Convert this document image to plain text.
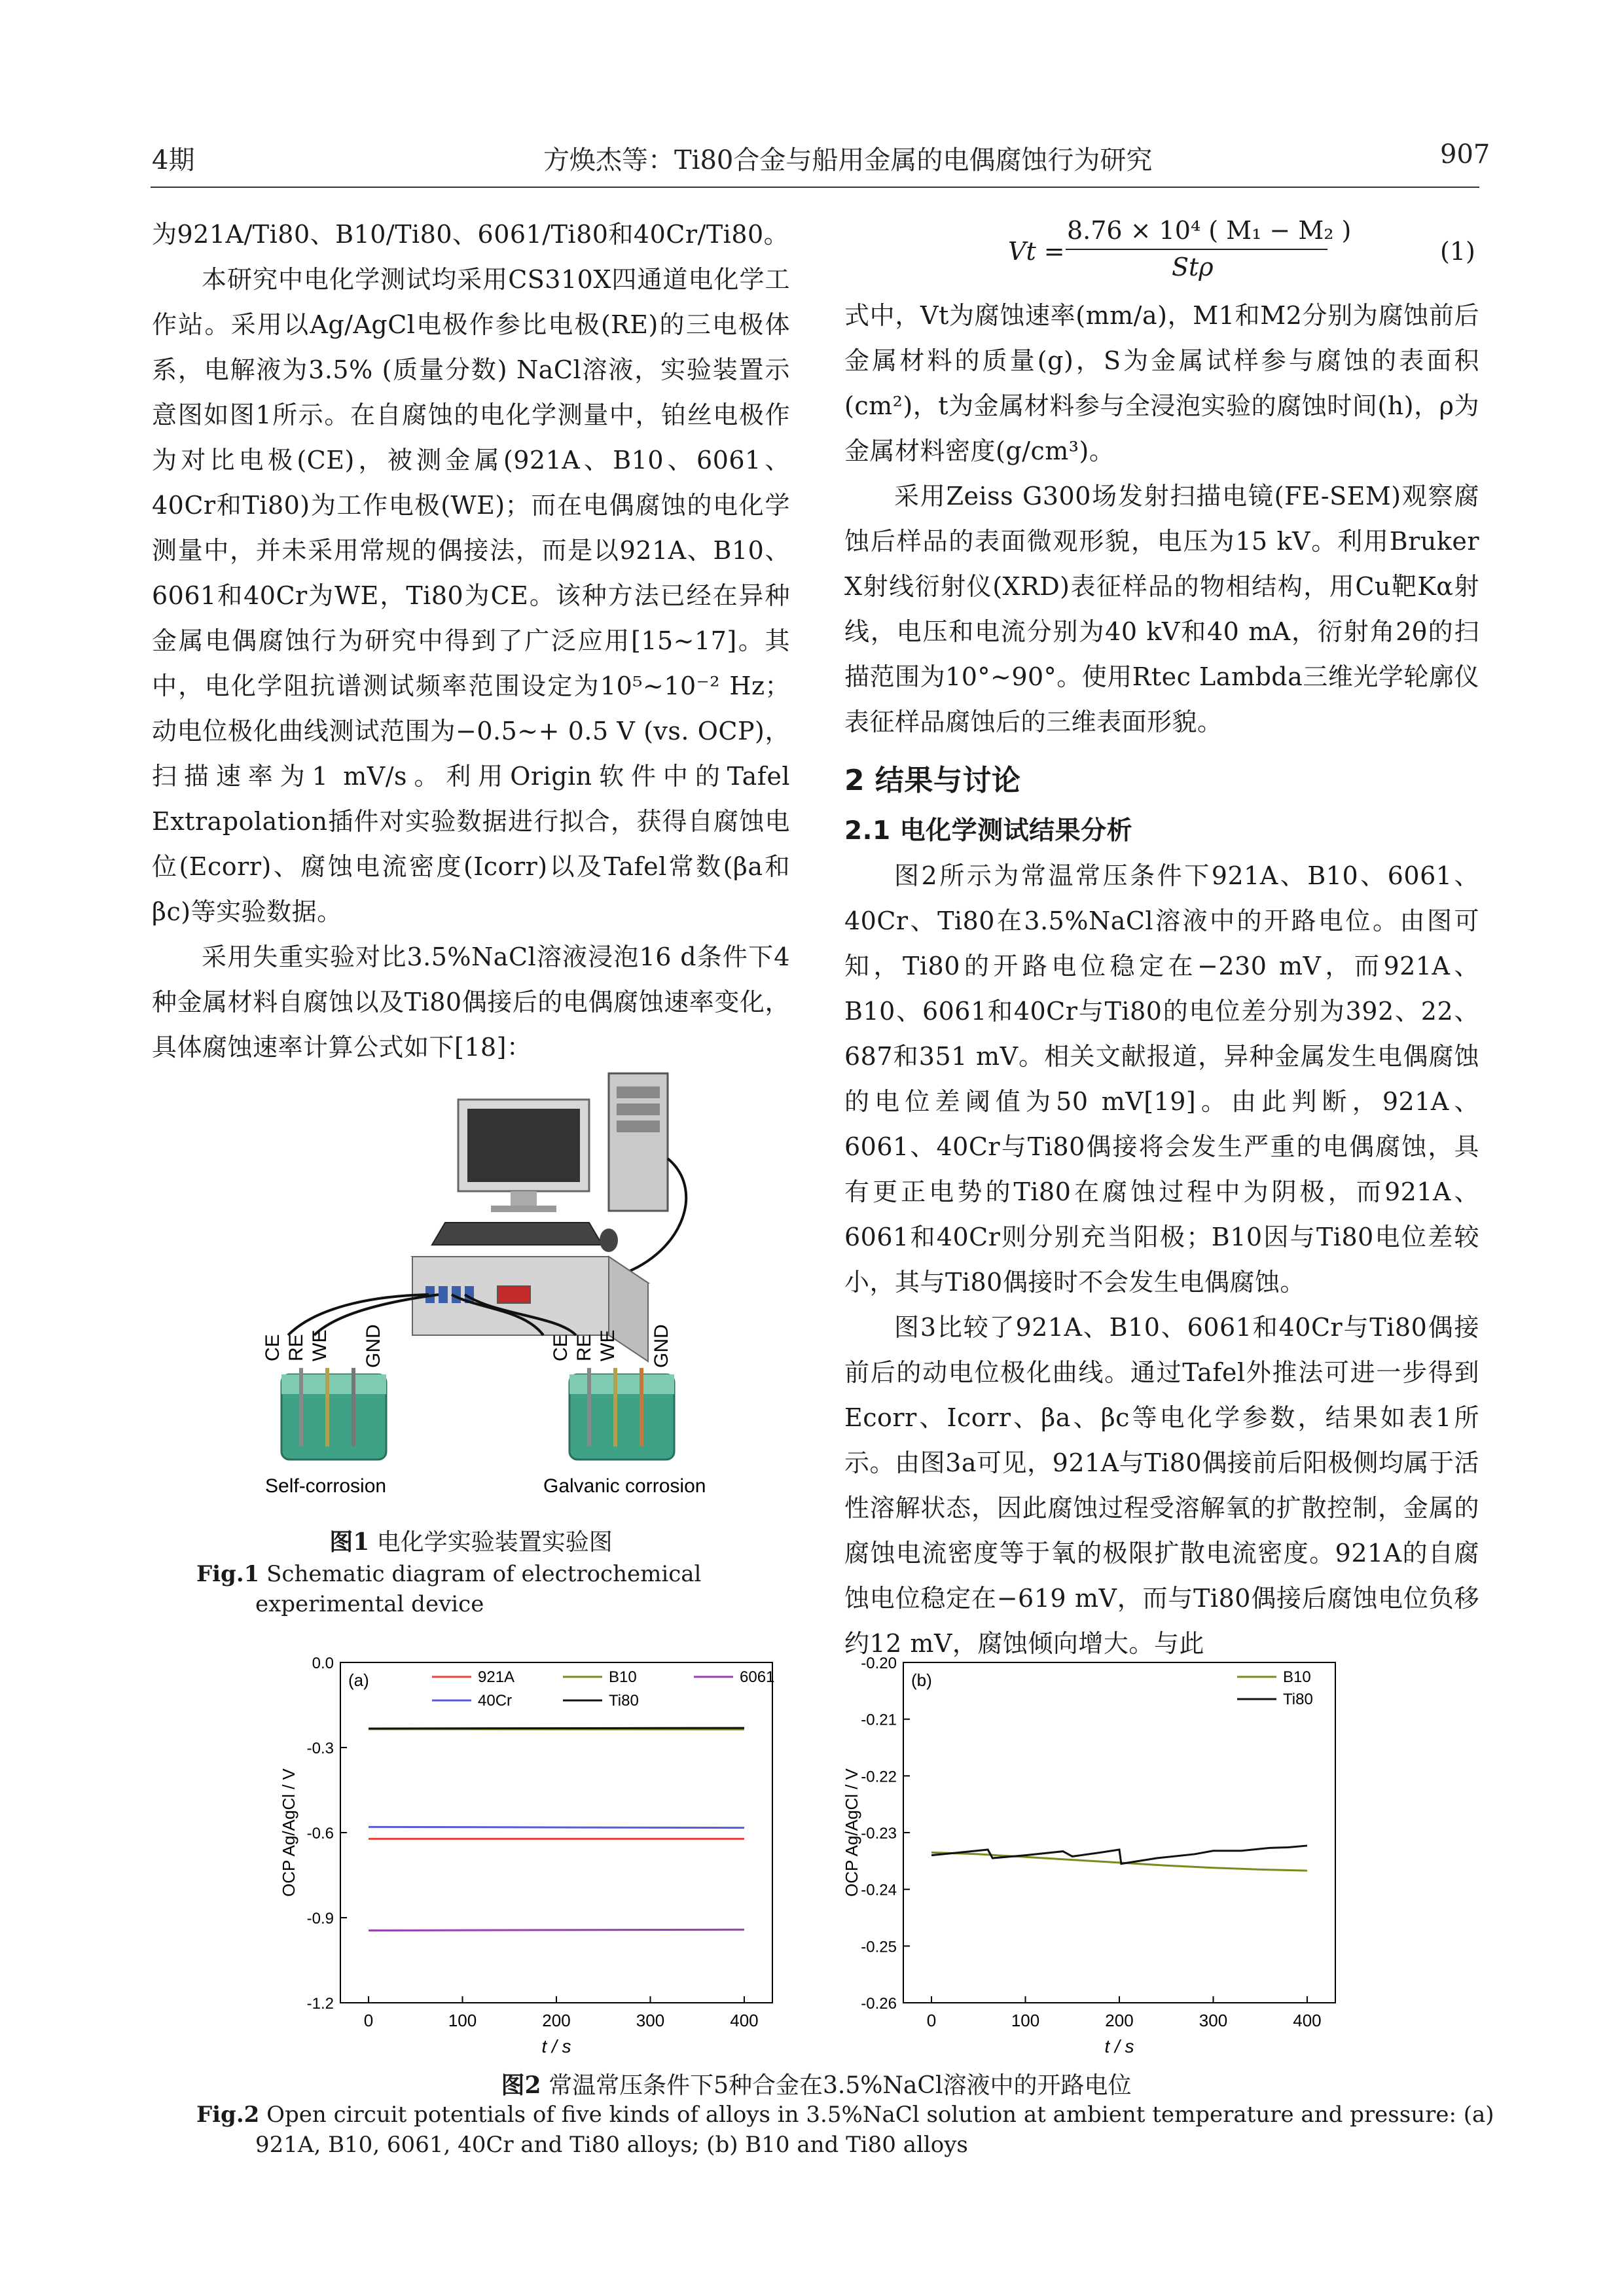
4期	方焕杰等：Ti80合金与船用金属的电偶腐蚀行为研究	907

为921A/Ti80、B10/Ti80、6061/Ti80和40Cr/Ti80。

本研究中电化学测试均采用CS310X四通道电化学工作站。采用以Ag/AgCl电极作参比电极(RE)的三电极体系，电解液为3.5% (质量分数) NaCl溶液，实验装置示意图如图1所示。在自腐蚀的电化学测量中，铂丝电极作为对比电极(CE)，被测金属(921A、B10、6061、40Cr和Ti80)为工作电极(WE)；而在电偶腐蚀的电化学测量中，并未采用常规的偶接法，而是以921A、B10、6061和40Cr为WE，Ti80为CE。该种方法已经在异种金属电偶腐蚀行为研究中得到了广泛应用[15~17]。其中，电化学阻抗谱测试频率范围设定为10⁵~10⁻² Hz；动电位极化曲线测试范围为−0.5~+ 0.5 V (vs. OCP)，扫描速率为1 mV/s。利用Origin软件中的Tafel Extrapolation插件对实验数据进行拟合，获得自腐蚀电位(Ecorr)、腐蚀电流密度(Icorr)以及Tafel常数(βa和βc)等实验数据。

采用失重实验对比3.5%NaCl溶液浸泡16 d条件下4种金属材料自腐蚀以及Ti80偶接后的电偶腐蚀速率变化，具体腐蚀速率计算公式如下[18]：

Vt =
8.76 × 10⁴ ( M₁ − M₂ )
Stρ
(1)

式中，Vt为腐蚀速率(mm/a)，M1和M2分别为腐蚀前后金属材料的质量(g)，S为金属试样参与腐蚀的表面积(cm²)，t为金属材料参与全浸泡实验的腐蚀时间(h)，ρ为金属材料密度(g/cm³)。

采用Zeiss G300场发射扫描电镜(FE-SEM)观察腐蚀后样品的表面微观形貌，电压为15 kV。利用Bruker X射线衍射仪(XRD)表征样品的物相结构，用Cu靶Kα射线，电压和电流分别为40 kV和40 mA，衍射角2θ的扫描范围为10°~90°。使用Rtec Lambda三维光学轮廓仪表征样品腐蚀后的三维表面形貌。

2 结果与讨论

2.1 电化学测试结果分析

图2所示为常温常压条件下921A、B10、6061、40Cr、Ti80在3.5%NaCl溶液中的开路电位。由图可知，Ti80的开路电位稳定在−230 mV，而921A、B10、6061和40Cr与Ti80的电位差分别为392、22、687和351 mV。相关文献报道，异种金属发生电偶腐蚀的电位差阈值为50 mV[19]。由此判断，921A、6061、40Cr与Ti80偶接将会发生严重的电偶腐蚀，具有更正电势的Ti80在腐蚀过程中为阴极，而921A、6061和40Cr则分别充当阳极；B10因与Ti80电位差较小，其与Ti80偶接时不会发生电偶腐蚀。

图3比较了921A、B10、6061和40Cr与Ti80偶接前后的动电位极化曲线。通过Tafel外推法可进一步得到Ecorr、Icorr、βa、βc等电化学参数，结果如表1所示。由图3a可见，921A与Ti80偶接前后阳极侧均属于活性溶解状态，因此腐蚀过程受溶解氧的扩散控制，金属的腐蚀电流密度等于氧的极限扩散电流密度。921A的自腐蚀电位稳定在−619 mV，而与Ti80偶接后腐蚀电位负移约12 mV，腐蚀倾向增大。与此

CE RE WE GND	CE RE WE GND
Self-corrosion	Galvanic corrosion
图1 电化学实验装置实验图
Fig.1 Schematic diagram of electrochemical experimental device
0	100	200	300	400
0.0
-0.3
-0.6
-0.9
-1.2
t / s
OCP Ag/AgCl / V
(a)	921A	B10	6061
40Cr	Ti80
0	100	200	300	400
-0.20
-0.21
-0.22
-0.23
-0.24
-0.25
-0.26
t / s
OCP Ag/AgCl / V
(b)	B10
Ti80
图2 常温常压条件下5种合金在3.5%NaCl溶液中的开路电位
Fig.2 Open circuit potentials of five kinds of alloys in 3.5%NaCl solution at ambient temperature and pressure: (a) 921A, B10, 6061, 40Cr and Ti80 alloys; (b) B10 and Ti80 alloys
